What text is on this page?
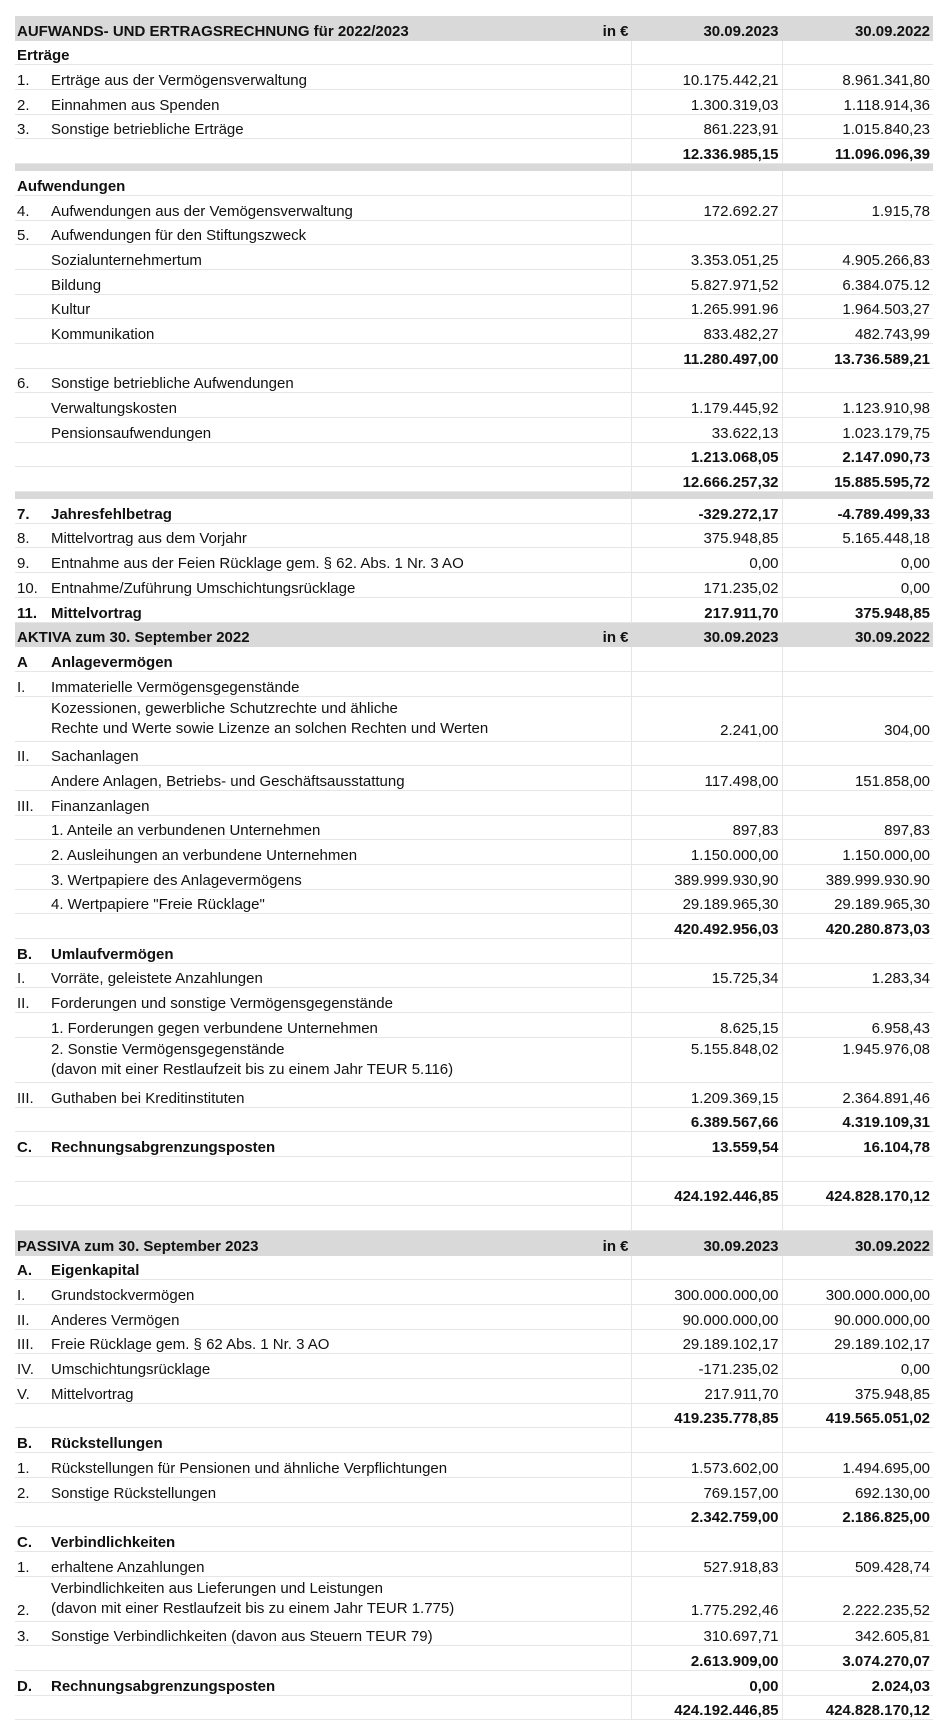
AUFWANDS- UND ERTRAGSRECHNUNG für 2022/2023		in €	30.09.2023	30.09.2022
Erträge				
1.	Erträge aus der Vermögensverwaltung		10.175.442,21	8.961.341,80
2.	Einnahmen aus Spenden		1.300.319,03	1.118.914,36
3.	Sonstige betriebliche Erträge		861.223,91	1.015.840,23
			12.336.985,15	11.096.096,39

Aufwendungen				
4.	Aufwendungen aus der Vemögensverwaltung		172.692.27	1.915,78
5.	Aufwendungen für den Stiftungszweck			
	Sozialunternehmertum		3.353.051,25	4.905.266,83
	Bildung		5.827.971,52	6.384.075.12
	Kultur		1.265.991.96	1.964.503,27
	Kommunikation		833.482,27	482.743,99
			11.280.497,00	13.736.589,21
6.	Sonstige betriebliche Aufwendungen			
	Verwaltungskosten		1.179.445,92	1.123.910,98
	Pensionsaufwendungen		33.622,13	1.023.179,75
			1.213.068,05	2.147.090,73
			12.666.257,32	15.885.595,72

7.	Jahresfehlbetrag		-329.272,17	-4.789.499,33
8.	Mittelvortrag aus dem Vorjahr		375.948,85	5.165.448,18
9.	Entnahme aus der Feien Rücklage gem. § 62. Abs. 1 Nr. 3 AO		0,00	0,00
10.	Entnahme/Zuführung Umschichtungsrücklage		171.235,02	0,00
11.	Mittelvortrag		217.911,70	375.948,85
AKTIVA zum 30. September 2022		in €	30.09.2023	30.09.2022
A	Anlagevermögen			
I.	Immaterielle Vermögensgegenstände			

	Kozessionen, gewerbliche Schutzrechte und ähliche
Rechte und Werte sowie Lizenze an solchen Rechten und Werten		2.241,00	304,00
II.	Sachanlagen			
	Andere Anlagen, Betriebs- und Geschäftsausstattung		117.498,00	151.858,00
III.	Finanzanlagen			
	1. Anteile an verbundenen Unternehmen		897,83	897,83
	2. Ausleihungen an verbundene Unternehmen		1.150.000,00	1.150.000,00
	3. Wertpapiere des Anlagevermögens		389.999.930,90	389.999.930.90
	4. Wertpapiere "Freie Rücklage"		29.189.965,30	29.189.965,30
			420.492.956,03	420.280.873,03
B.	Umlaufvermögen			
I.	Vorräte, geleistete Anzahlungen		15.725,34	1.283,34
II.	Forderungen und sonstige Vermögensgegenstände			
	1. Forderungen gegen verbundene Unternehmen		8.625,15	6.958,43

	2. Sonstie Vermögensgegenstände
(davon mit einer Restlaufzeit bis zu einem Jahr TEUR 5.116)		5.155.848,02	1.945.976,08
III.	Guthaben bei Kreditinstituten		1.209.369,15	2.364.891,46
			6.389.567,66	4.319.109,31
C.	Rechnungsabgrenzungsposten		13.559,54	16.104,78

			424.192.446,85	424.828.170,12

PASSIVA zum 30. September 2023		in €	30.09.2023	30.09.2022
A.	Eigenkapital			
I.	Grundstockvermögen		300.000.000,00	300.000.000,00
II.	Anderes Vermögen		90.000.000,00	90.000.000,00
III.	Freie Rücklage gem. § 62 Abs. 1 Nr. 3 AO		29.189.102,17	29.189.102,17
IV.	Umschichtungsrücklage		-171.235,02	0,00
V.	Mittelvortrag		217.911,70	375.948,85
			419.235.778,85	419.565.051,02
B.	Rückstellungen			
1.	Rückstellungen für Pensionen und ähnliche Verpflichtungen		1.573.602,00	1.494.695,00
2.	Sonstige Rückstellungen		769.157,00	692.130,00
			2.342.759,00	2.186.825,00
C.	Verbindlichkeiten			
1.	erhaltene Anzahlungen		527.918,83	509.428,74
2.	Verbindlichkeiten aus Lieferungen und Leistungen
(davon mit einer Restlaufzeit bis zu einem Jahr TEUR 1.775)		1.775.292,46	2.222.235,52
3.	Sonstige Verbindlichkeiten (davon aus Steuern TEUR 79)		310.697,71	342.605,81
			2.613.909,00	3.074.270,07
D.	Rechnungsabgrenzungsposten		0,00	2.024,03
			424.192.446,85	424.828.170,12
